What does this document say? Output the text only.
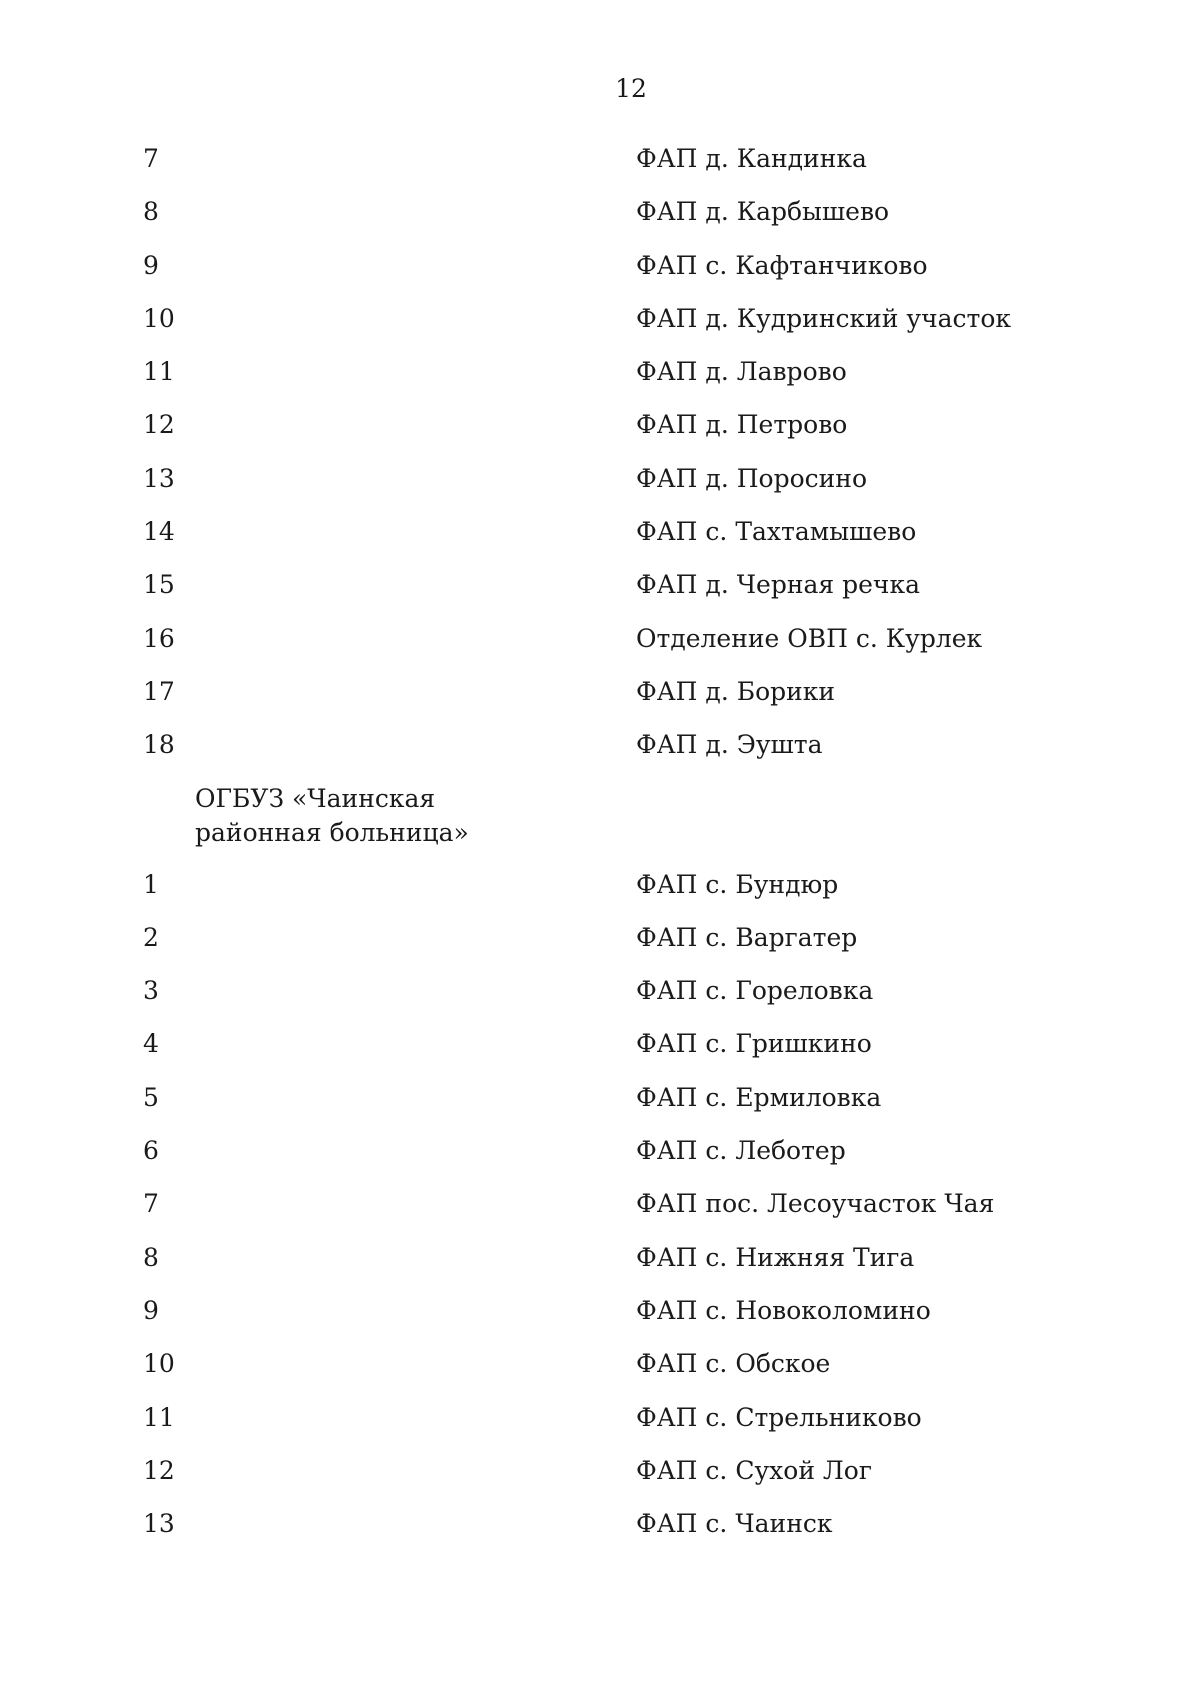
12
7	ФАП д. Кандинка
8	ФАП д. Карбышево
9	ФАП с. Кафтанчиково
10	ФАП д. Кудринский участок
11	ФАП д. Лаврово
12	ФАП д. Петрово
13	ФАП д. Поросино
14	ФАП с. Тахтамышево
15	ФАП д. Черная речка
16	Отделение ОВП с. Курлек
17	ФАП д. Борики
18	ФАП д. Эушта
ОГБУЗ «Чаинская районная больница»
1	ФАП с. Бундюр
2	ФАП с. Варгатер
3	ФАП с. Гореловка
4	ФАП с. Гришкино
5	ФАП с. Ермиловка
6	ФАП с. Леботер
7	ФАП пос. Лесоучасток Чая
8	ФАП с. Нижняя Тига
9	ФАП с. Новоколомино
10	ФАП с. Обское
11	ФАП с. Стрельниково
12	ФАП с. Сухой Лог
13	ФАП с. Чаинск
